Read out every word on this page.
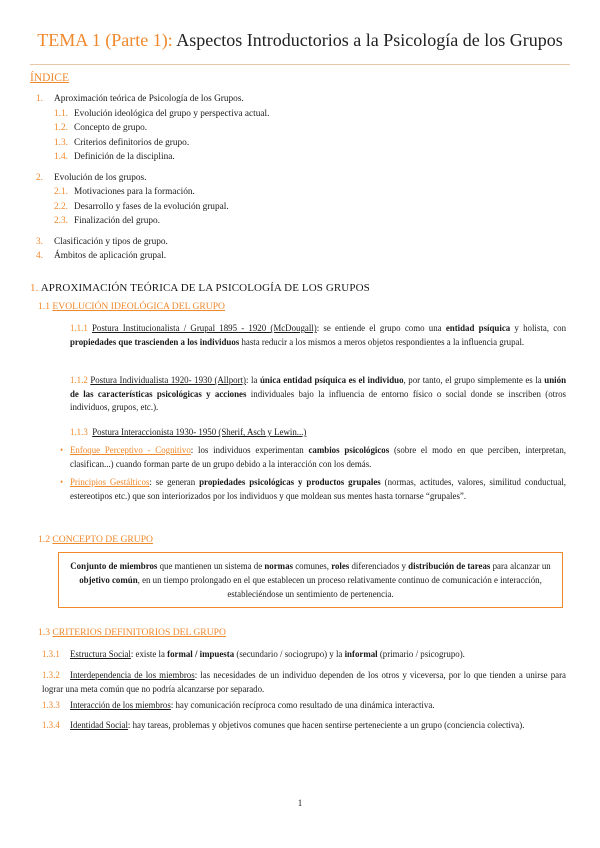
TEMA 1 (Parte 1): Aspectos Introductorios a la Psicología de los Grupos
ÍNDICE
1. Aproximación teórica de Psicología de los Grupos.
1.1. Evolución ideológica del grupo y perspectiva actual.
1.2. Concepto de grupo.
1.3. Criterios definitorios de grupo.
1.4. Definición de la disciplina.
2. Evolución de los grupos.
2.1. Motivaciones para la formación.
2.2. Desarrollo y fases de la evolución grupal.
2.3. Finalización del grupo.
3. Clasificación y tipos de grupo.
4. Ámbitos de aplicación grupal.
1. APROXIMACIÓN TEÓRICA DE LA PSICOLOGÍA DE LOS GRUPOS
1.1 EVOLUCIÓN IDEOLÓGICA DEL GRUPO
1.1.1 Postura Institucionalista / Grupal 1895 - 1920 (McDougall): se entiende el grupo como una entidad psíquica y holista, con propiedades que trascienden a los individuos hasta reducir a los mismos a meros objetos respondientes a la influencia grupal.
1.1.2 Postura Individualista 1920- 1930 (Allport): la única entidad psíquica es el individuo, por tanto, el grupo simplemente es la unión de las características psicológicas y acciones individuales bajo la influencia de entorno físico o social donde se inscriben (otros individuos, grupos, etc.).
1.1.3 Postura Interaccionista 1930- 1950 (Sherif, Asch y Lewin...)
• Enfoque Perceptivo - Cognitivo: los individuos experimentan cambios psicológicos (sobre el modo en que perciben, interpretan, clasifican...) cuando forman parte de un grupo debido a la interacción con los demás.
• Principios Gestálticos: se generan propiedades psicológicas y productos grupales (normas, actitudes, valores, similitud conductual, estereotipos etc.) que son interiorizados por los individuos y que moldean sus mentes hasta tornarse “grupales”.
1.2 CONCEPTO DE GRUPO
Conjunto de miembros que mantienen un sistema de normas comunes, roles diferenciados y distribución de tareas para alcanzar un objetivo común, en un tiempo prolongado en el que establecen un proceso relativamente continuo de comunicación e interacción, estableciéndose un sentimiento de pertenencia.
1.3 CRITERIOS DEFINITORIOS DEL GRUPO
1.3.1 Estructura Social: existe la formal / impuesta (secundario / sociogrupo) y la informal (primario / psicogrupo).
1.3.2 Interdependencia de los miembros: las necesidades de un individuo dependen de los otros y viceversa, por lo que tienden a unirse para lograr una meta común que no podría alcanzarse por separado.
1.3.3 Interacción de los miembros: hay comunicación recíproca como resultado de una dinámica interactiva.
1.3.4 Identidad Social: hay tareas, problemas y objetivos comunes que hacen sentirse perteneciente a un grupo (conciencia colectiva).
1
